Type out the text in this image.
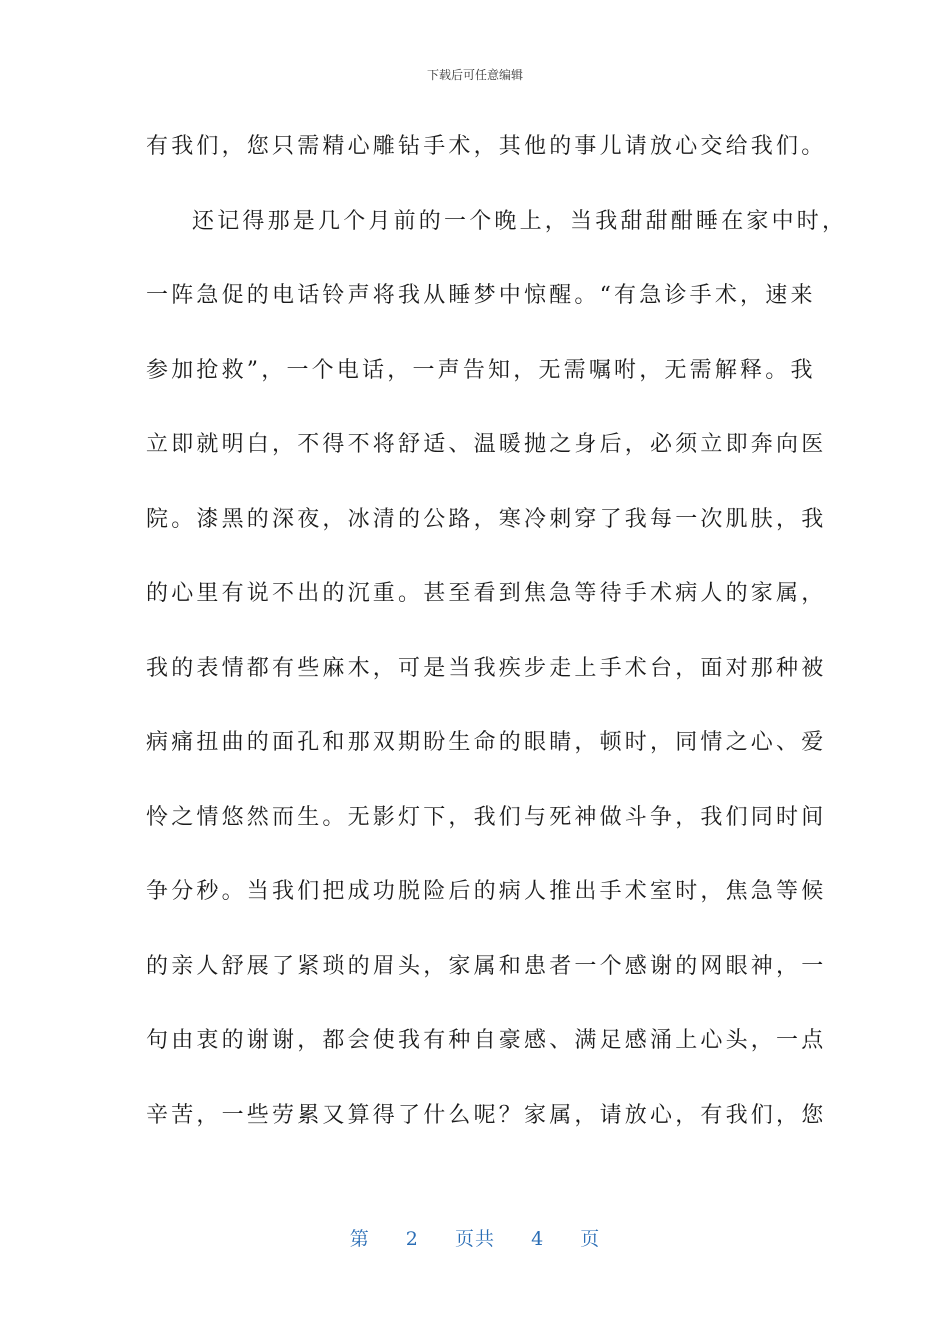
下载后可任意编辑
有我们，您只需精心雕钻手术，其他的事儿请放心交给我们。
还记得那是几个月前的一个晚上，当我甜甜酣睡在家中时，
一阵急促的电话铃声将我从睡梦中惊醒。“有急诊手术，速来
参加抢救”，一个电话，一声告知，无需嘱咐，无需解释。我
立即就明白，不得不将舒适、温暖抛之身后，必须立即奔向医
院。漆黑的深夜，冰清的公路，寒冷刺穿了我每一次肌肤，我
的心里有说不出的沉重。甚至看到焦急等待手术病人的家属，
我的表情都有些麻木，可是当我疾步走上手术台，面对那种被
病痛扭曲的面孔和那双期盼生命的眼睛，顿时，同情之心、爱
怜之情悠然而生。无影灯下，我们与死神做斗争，我们同时间
争分秒。当我们把成功脱险后的病人推出手术室时，焦急等候
的亲人舒展了紧琐的眉头，家属和患者一个感谢的网眼神，一
句由衷的谢谢，都会使我有种自豪感、满足感涌上心头，一点
辛苦，一些劳累又算得了什么呢？家属，请放心，有我们，您
第 2 页共 4 页
